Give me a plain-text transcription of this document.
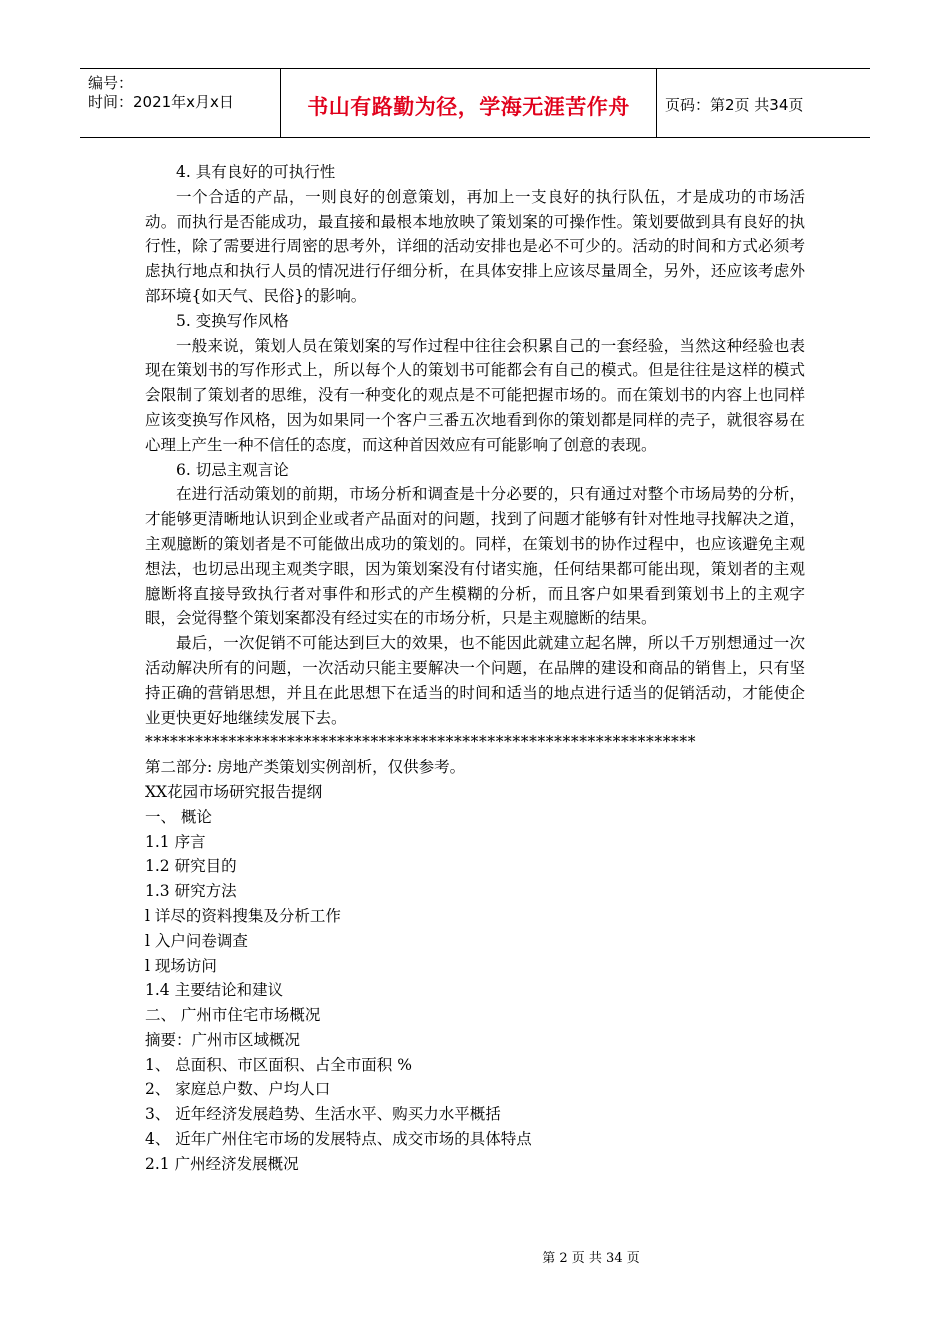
编号：
时间：2021年x月x日	书山有路勤为径，学海无涯苦作舟	页码：第2页 共34页

4. 具有良好的可执行性

一个合适的产品，一则良好的创意策划，再加上一支良好的执行队伍，才是成功的市场活动。而执行是否能成功，最直接和最根本地放映了策划案的可操作性。策划要做到具有良好的执行性，除了需要进行周密的思考外，详细的活动安排也是必不可少的。活动的时间和方式必须考虑执行地点和执行人员的情况进行仔细分析，在具体安排上应该尽量周全，另外，还应该考虑外部环境{如天气、民俗}的影响。

5. 变换写作风格

一般来说，策划人员在策划案的写作过程中往往会积累自己的一套经验，当然这种经验也表现在策划书的写作形式上，所以每个人的策划书可能都会有自己的模式。但是往往是这样的模式会限制了策划者的思维，没有一种变化的观点是不可能把握市场的。而在策划书的内容上也同样应该变换写作风格，因为如果同一个客户三番五次地看到你的策划都是同样的壳子，就很容易在心理上产生一种不信任的态度，而这种首因效应有可能影响了创意的表现。

6. 切忌主观言论

在进行活动策划的前期，市场分析和调查是十分必要的，只有通过对整个市场局势的分析，才能够更清晰地认识到企业或者产品面对的问题，找到了问题才能够有针对性地寻找解决之道，主观臆断的策划者是不可能做出成功的策划的。同样，在策划书的协作过程中，也应该避免主观想法，也切忌出现主观类字眼，因为策划案没有付诸实施，任何结果都可能出现，策划者的主观臆断将直接导致执行者对事件和形式的产生模糊的分析，而且客户如果看到策划书上的主观字眼，会觉得整个策划案都没有经过实在的市场分析，只是主观臆断的结果。

最后，一次促销不可能达到巨大的效果，也不能因此就建立起名牌，所以千万别想通过一次活动解决所有的问题，一次活动只能主要解决一个问题，在品牌的建设和商品的销售上，只有坚持正确的营销思想，并且在此思想下在适当的时间和适当的地点进行适当的促销活动，才能使企业更快更好地继续发展下去。

******************************************************************

第二部分: 房地产类策划实例剖析，仅供参考。

XX花园市场研究报告提纲

一、 概论

1.1 序言

1.2 研究目的

1.3 研究方法

l 详尽的资料搜集及分析工作

l 入户问卷调查

l 现场访问

1.4 主要结论和建议

二、 广州市住宅市场概况

摘要：广州市区域概况

1、 总面积、市区面积、占全市面积 %

2、 家庭总户数、户均人口

3、 近年经济发展趋势、生活水平、购买力水平概括

4、 近年广州住宅市场的发展特点、成交市场的具体特点

2.1 广州经济发展概况

第 2 页 共 34 页
